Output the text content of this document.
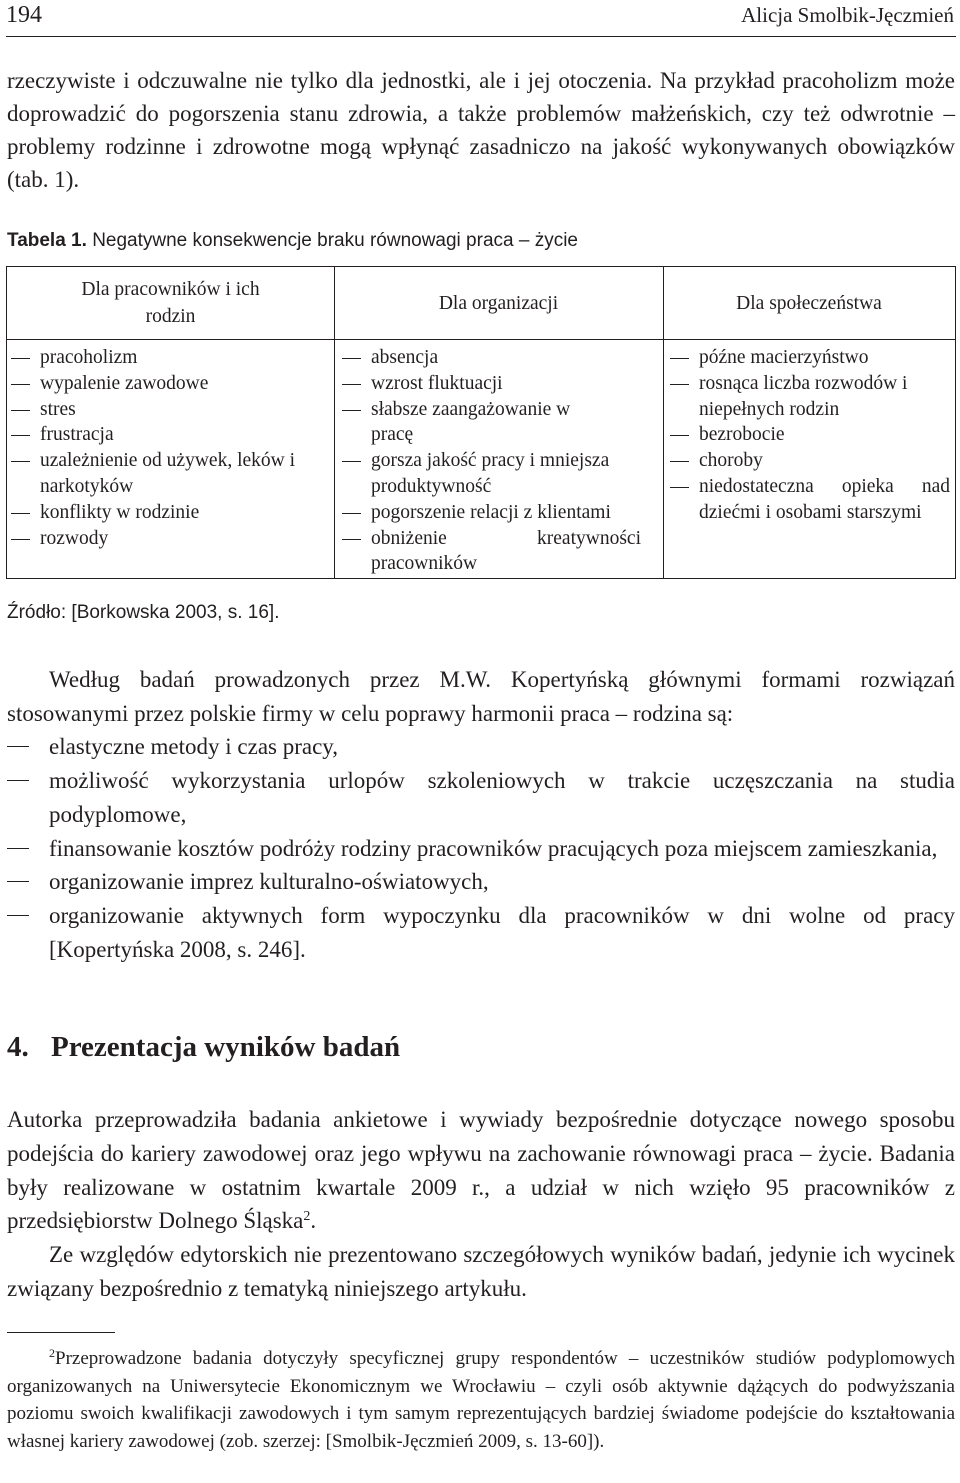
194	Alicja Smolbik-Jęczmień

rzeczywiste i odczuwalne nie tylko dla jednostki, ale i jej otoczenia. Na przykład pracoholizm może doprowadzić do pogorszenia stanu zdrowia, a także problemów małżeńskich, czy też odwrotnie – problemy rodzinne i zdrowotne mogą wpłynąć zasadniczo na jakość wykonywanych obowiązków (tab. 1).

Tabela 1. Negatywne konsekwencje braku równowagi praca – życie
Dla pracowników i ich rodzin
Dla organizacji	Dla społeczeństwa
pracoholizm
wypalenie zawodowe
stres
frustracja
uzależnienie od używek, leków i narkotyków
konflikty w rodzinie
rozwody
absencja
wzrost fluktuacji
słabsze zaangażowanie w pracę
gorsza jakość pracy i mniejsza produktywność
pogorszenie relacji z klientami
obniżenie kreatywności pracowników
późne macierzyństwo
rosnąca liczba rozwodów i niepełnych rodzin
bezrobocie
choroby
niedostateczna opieka nad dziećmi i osobami starszymi
Źródło: [Borkowska 2003, s. 16].
Według badań prowadzonych przez M.W. Kopertyńską głównymi formami rozwiązań stosowanymi przez polskie firmy w celu poprawy harmonii praca – rodzina są:
elastyczne metody i czas pracy,
możliwość wykorzystania urlopów szkoleniowych w trakcie uczęszczania na studia podyplomowe,
finansowanie kosztów podróży rodziny pracowników pracujących poza miejscem zamieszkania,
organizowanie imprez kulturalno-oświatowych,
organizowanie aktywnych form wypoczynku dla pracowników w dni wolne od pracy [Kopertyńska 2008, s. 246].
4. Prezentacja wyników badań
Autorka przeprowadziła badania ankietowe i wywiady bezpośrednie dotyczące nowego sposobu podejścia do kariery zawodowej oraz jego wpływu na zachowanie równowagi praca – życie. Badania były realizowane w ostatnim kwartale 2009 r., a udział w nich wzięło 95 pracowników z przedsiębiorstw Dolnego Śląska$^2$.
Ze względów edytorskich nie prezentowano szczegółowych wyników badań, jedynie ich wycinek związany bezpośrednio z tematyką niniejszego artykułu.
$^2$Przeprowadzone badania dotyczyły specyficznej grupy respondentów – uczestników studiów podyplomowych organizowanych na Uniwersytecie Ekonomicznym we Wrocławiu – czyli osób aktywnie dążących do podwyższania poziomu swoich kwalifikacji zawodowych i tym samym reprezentujących bardziej świadome podejście do kształtowania własnej kariery zawodowej (zob. szerzej: [Smolbik-Jęczmień 2009, s. 13-60]).
